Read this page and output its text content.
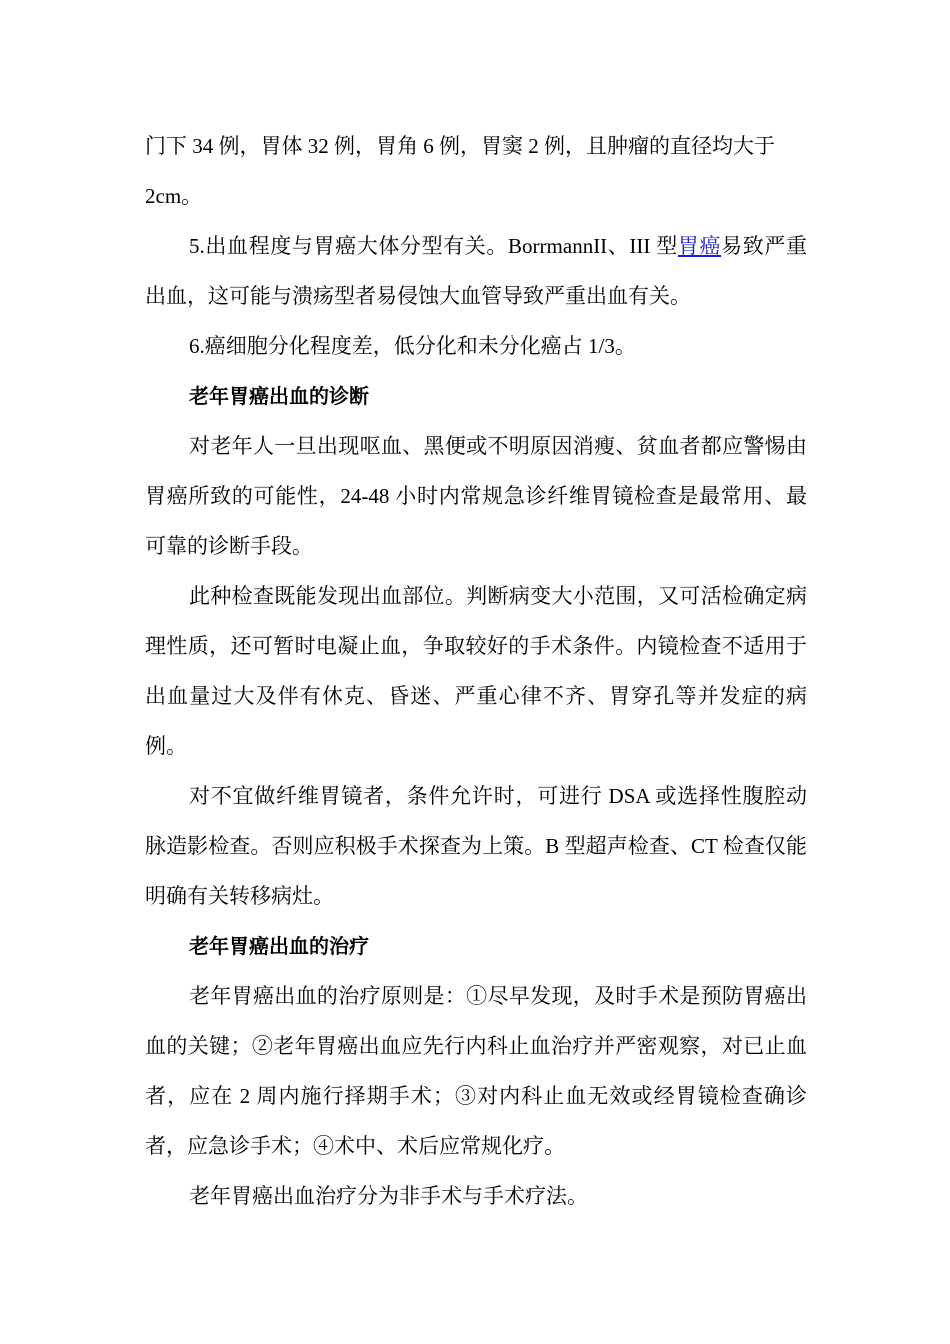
门下 34 例，胃体 32 例，胃角 6 例，胃窦 2 例，且肿瘤的直径均大于
2cm。

5.出血程度与胃癌大体分型有关。BorrmannII、III 型胃癌易致严重出血，这可能与溃疡型者易侵蚀大血管导致严重出血有关。

6.癌细胞分化程度差，低分化和未分化癌占 1/3。

老年胃癌出血的诊断

对老年人一旦出现呕血、黑便或不明原因消瘦、贫血者都应警惕由胃癌所致的可能性，24-48 小时内常规急诊纤维胃镜检查是最常用、最可靠的诊断手段。

此种检查既能发现出血部位。判断病变大小范围，又可活检确定病理性质，还可暂时电凝止血，争取较好的手术条件。内镜检查不适用于出血量过大及伴有休克、昏迷、严重心律不齐、胃穿孔等并发症的病例。

对不宜做纤维胃镜者，条件允许时，可进行 DSA 或选择性腹腔动脉造影检查。否则应积极手术探查为上策。B 型超声检查、CT 检查仅能明确有关转移病灶。

老年胃癌出血的治疗

老年胃癌出血的治疗原则是：①尽早发现，及时手术是预防胃癌出血的关键；②老年胃癌出血应先行内科止血治疗并严密观察，对已止血者，应在 2 周内施行择期手术；③对内科止血无效或经胃镜检查确诊者，应急诊手术；④术中、术后应常规化疗。

老年胃癌出血治疗分为非手术与手术疗法。
